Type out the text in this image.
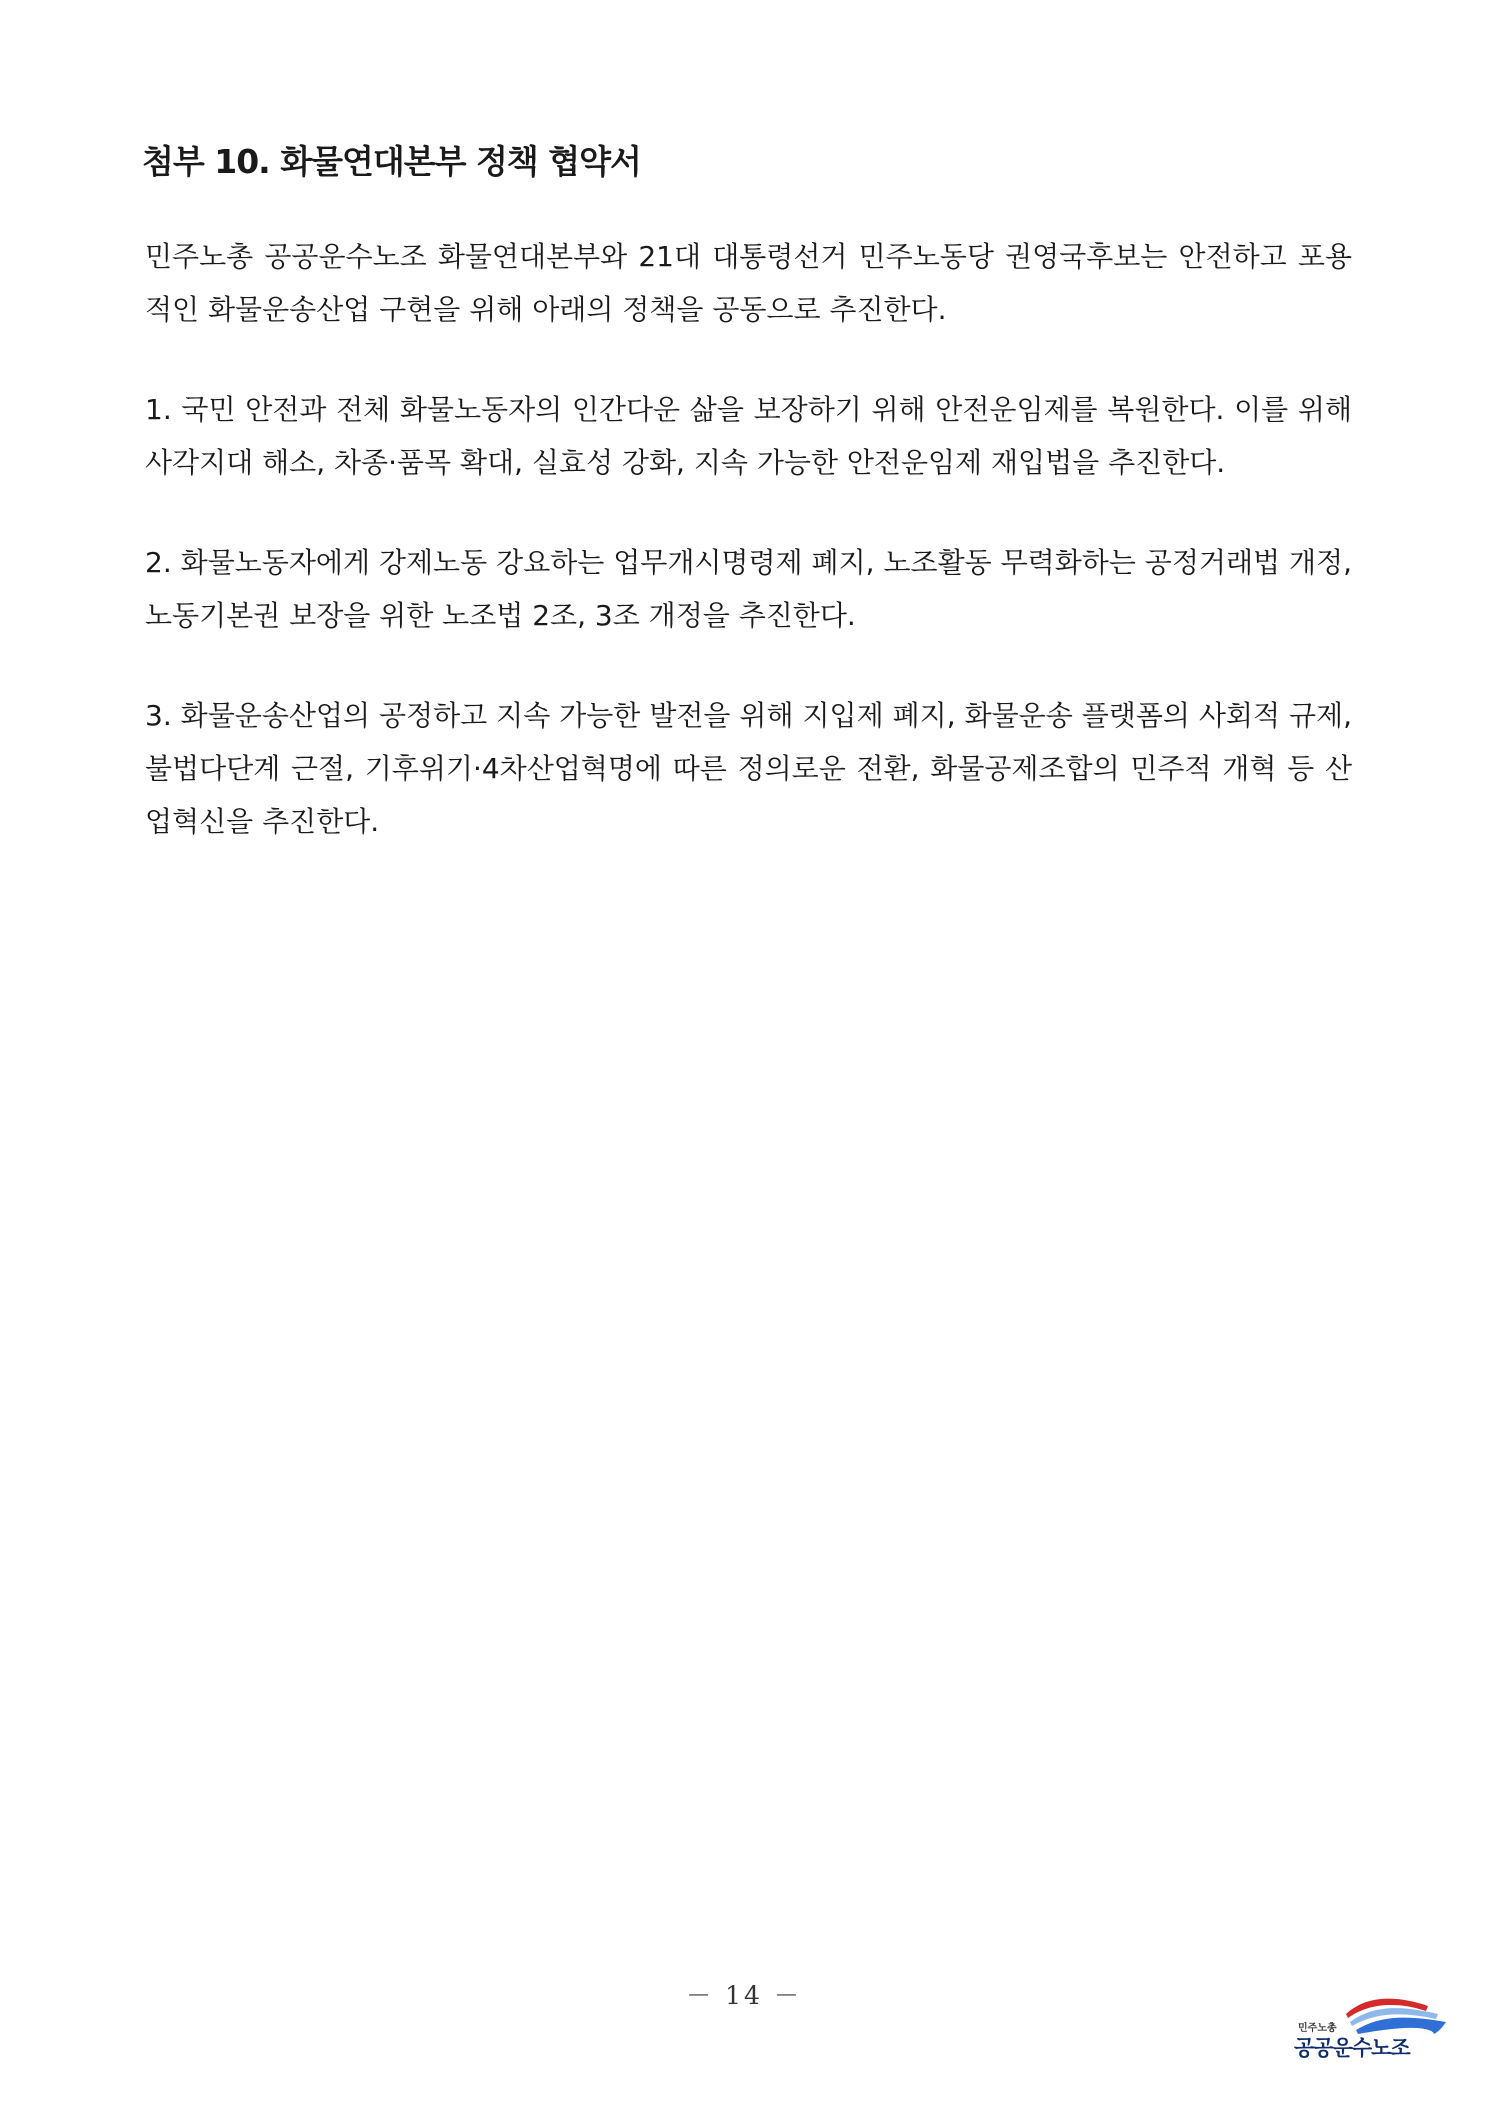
첨부 10. 화물연대본부 정책 협약서

민주노총 공공운수노조 화물연대본부와 21대 대통령선거 민주노동당 권영국후보는 안전하고 포용적인 화물운송산업 구현을 위해 아래의 정책을 공동으로 추진한다.

1. 국민 안전과 전체 화물노동자의 인간다운 삶을 보장하기 위해 안전운임제를 복원한다. 이를 위해 사각지대 해소, 차종·품목 확대, 실효성 강화, 지속 가능한 안전운임제 재입법을 추진한다.

2. 화물노동자에게 강제노동 강요하는 업무개시명령제 폐지, 노조활동 무력화하는 공정거래법 개정, 노동기본권 보장을 위한 노조법 2조, 3조 개정을 추진한다.

3. 화물운송산업의 공정하고 지속 가능한 발전을 위해 지입제 폐지, 화물운송 플랫폼의 사회적 규제, 불법다단계 근절, 기후위기·4차산업혁명에 따른 정의로운 전환, 화물공제조합의 민주적 개혁 등 산업혁신을 추진한다.

－ 14 －
민주노총
공공운수노조
